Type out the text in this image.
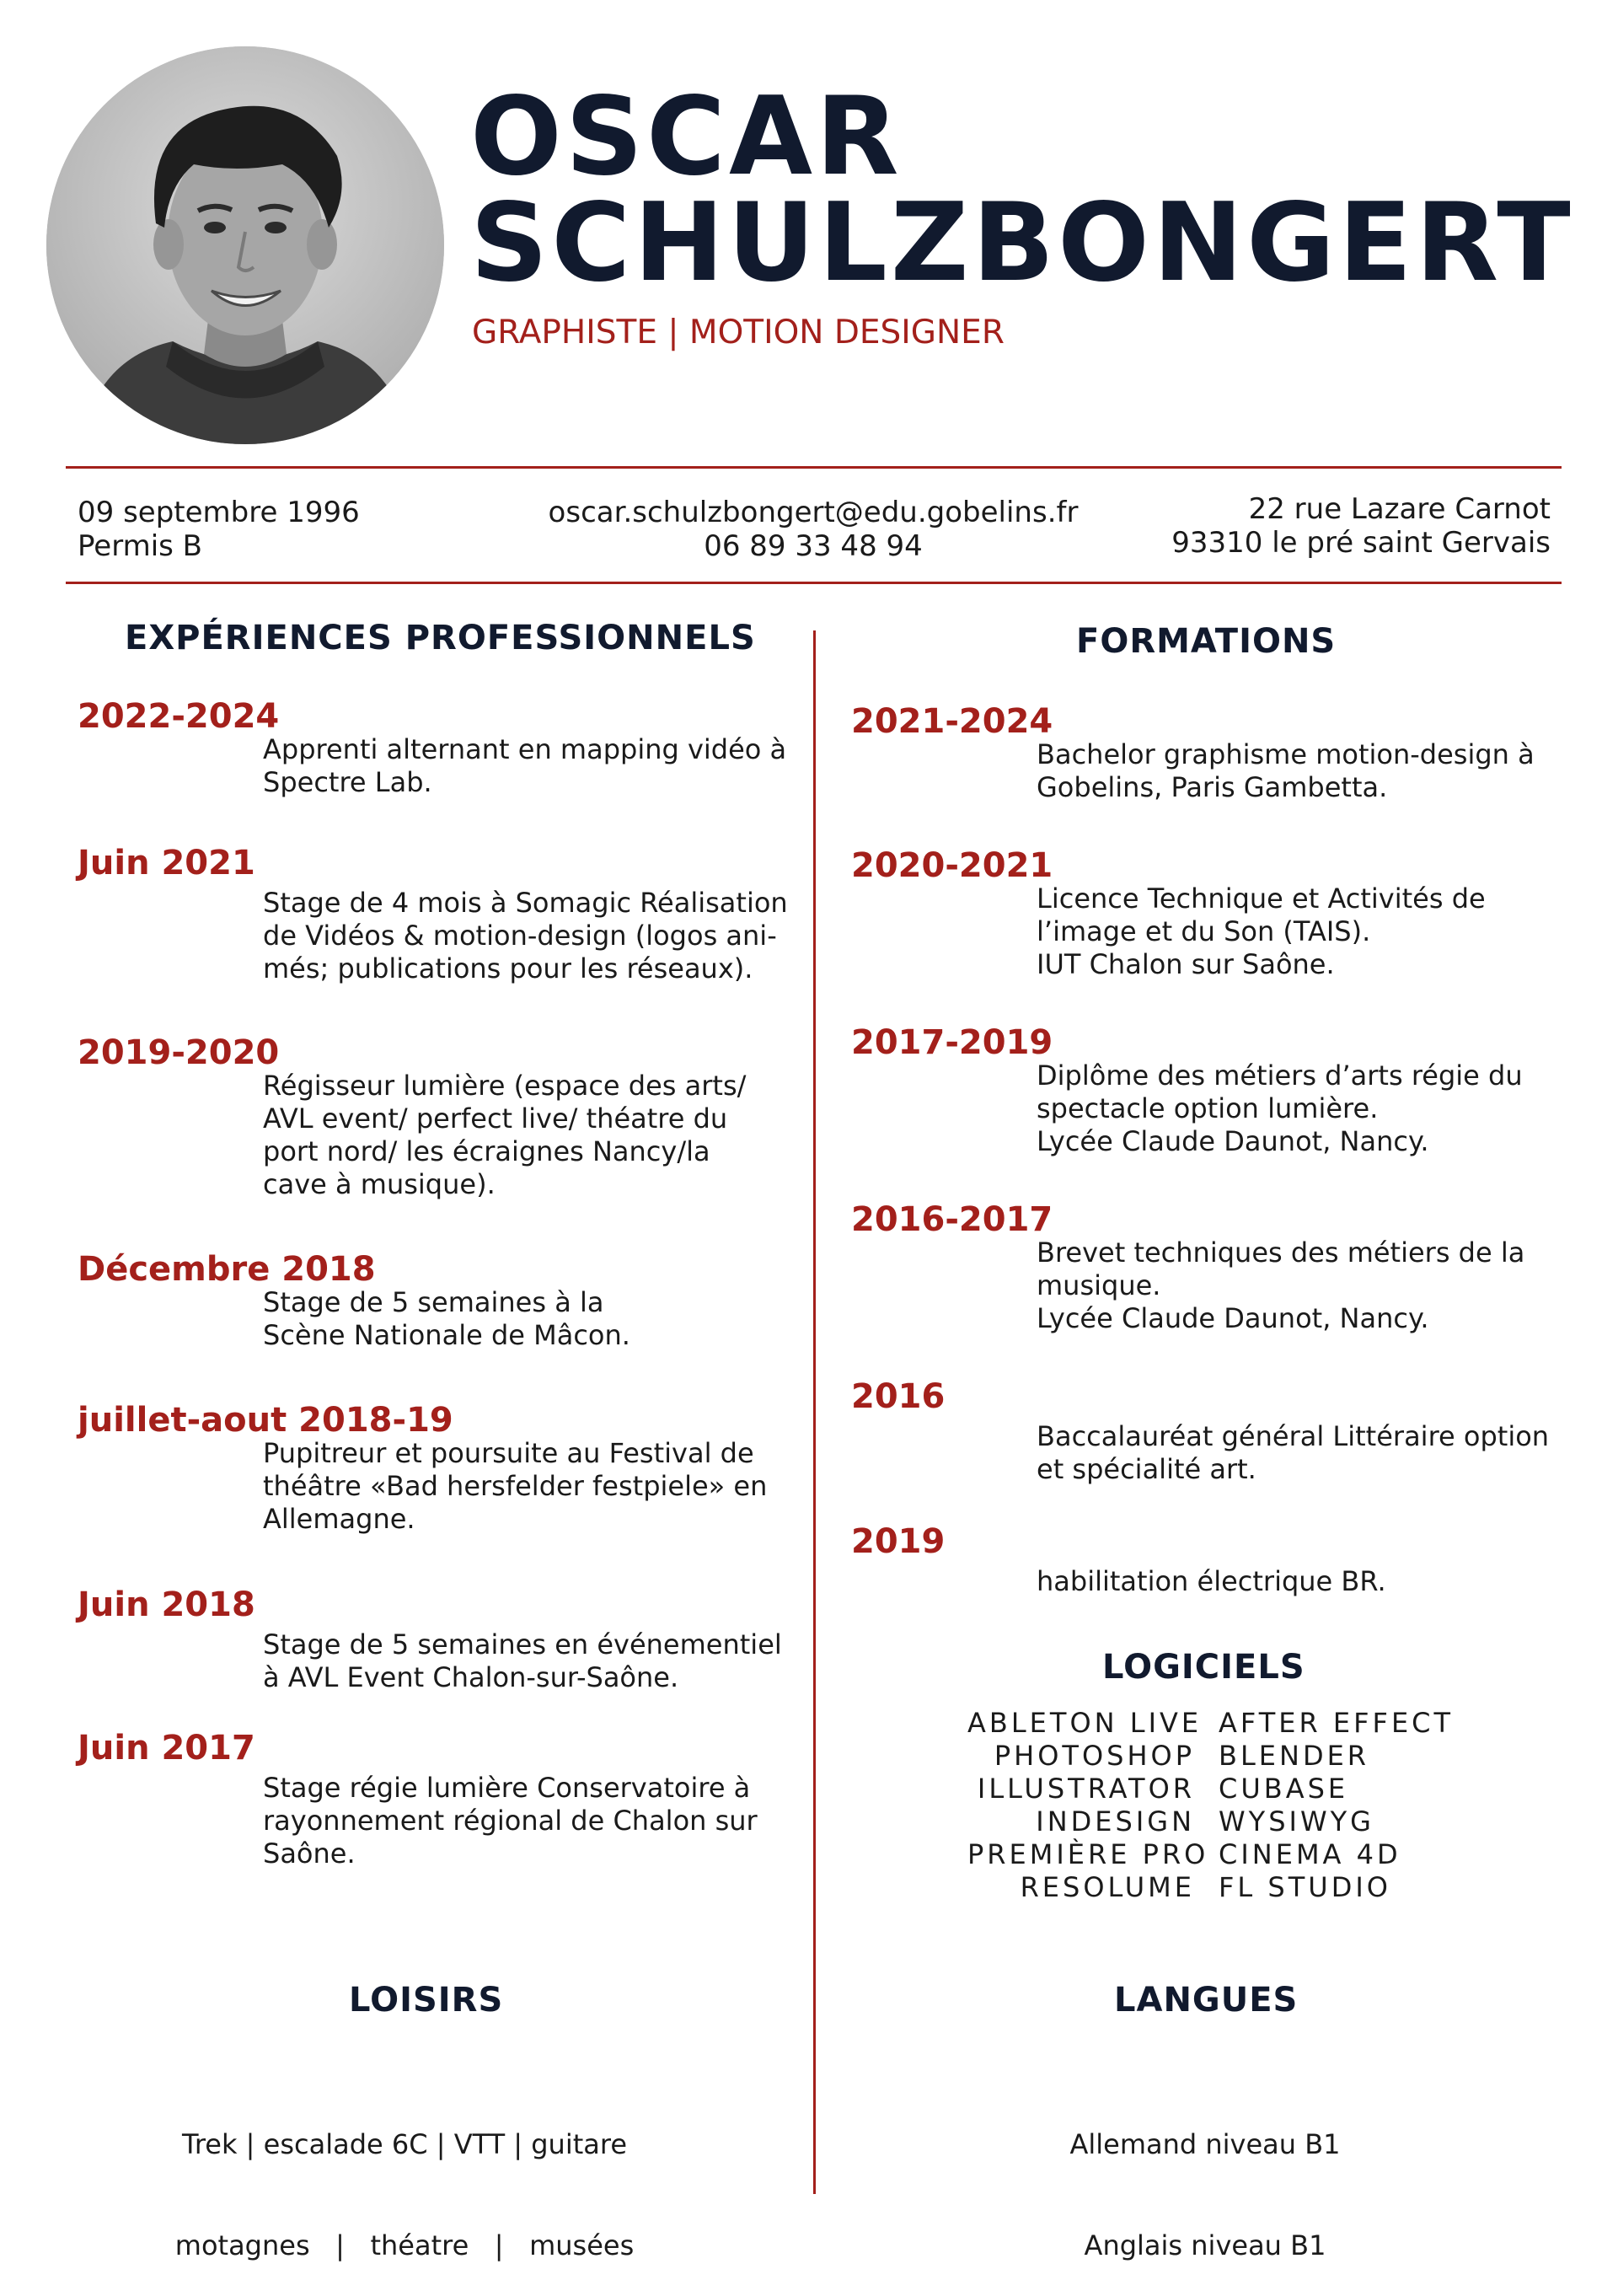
OSCAR
SCHULZBONGERT
GRAPHISTE | MOTION DESIGNER
09 septembre 1996
Permis B
oscar.schulzbongert@edu.gobelins.fr
06 89 33 48 94
22 rue Lazare Carnot
93310 le pré saint Gervais
EXPÉRIENCES PROFESSIONNELS
2022-2024
Apprenti alternant en mapping vidéo à
Spectre Lab.
Juin 2021
Stage de 4 mois à Somagic Réalisation
de Vidéos & motion-design (logos ani-
més; publications pour les réseaux).
2019-2020
Régisseur lumière (espace des arts/
AVL event/ perfect live/ théatre du
port nord/ les écraignes Nancy/la
cave à musique).
Décembre 2018
Stage de 5 semaines à la
Scène Nationale de Mâcon.
juillet-aout 2018-19
Pupitreur et poursuite au Festival de
théâtre «Bad hersfelder festpiele» en
Allemagne.
Juin 2018
Stage de 5 semaines en événementiel
à AVL Event Chalon-sur-Saône.
Juin 2017
Stage régie lumière Conservatoire à
rayonnement régional de Chalon sur
Saône.
FORMATIONS
2021-2024
Bachelor graphisme motion-design à
Gobelins, Paris Gambetta.
2020-2021
Licence Technique et Activités de
l’image et du Son (TAIS).
IUT Chalon sur Saône.
2017-2019
Diplôme des métiers d’arts régie du
spectacle option lumière.
Lycée Claude Daunot, Nancy.
2016-2017
Brevet techniques des métiers de la
musique.
Lycée Claude Daunot, Nancy.
2016
Baccalauréat général Littéraire option
et spécialité art.
2019
habilitation électrique BR.
LOGICIELS
ABLETON LIVE
PHOTOSHOP
ILLUSTRATOR
INDESIGN
PREMIÈRE PRO
RESOLUME
AFTER EFFECT
BLENDER
CUBASE
WYSIWYG
CINEMA 4D
FL STUDIO
LOISIRS

Trek | escalade 6C | VTT | guitare

motagnes   |   théatre   |   musées

LANGUES

Allemand niveau B1

Anglais niveau B1
